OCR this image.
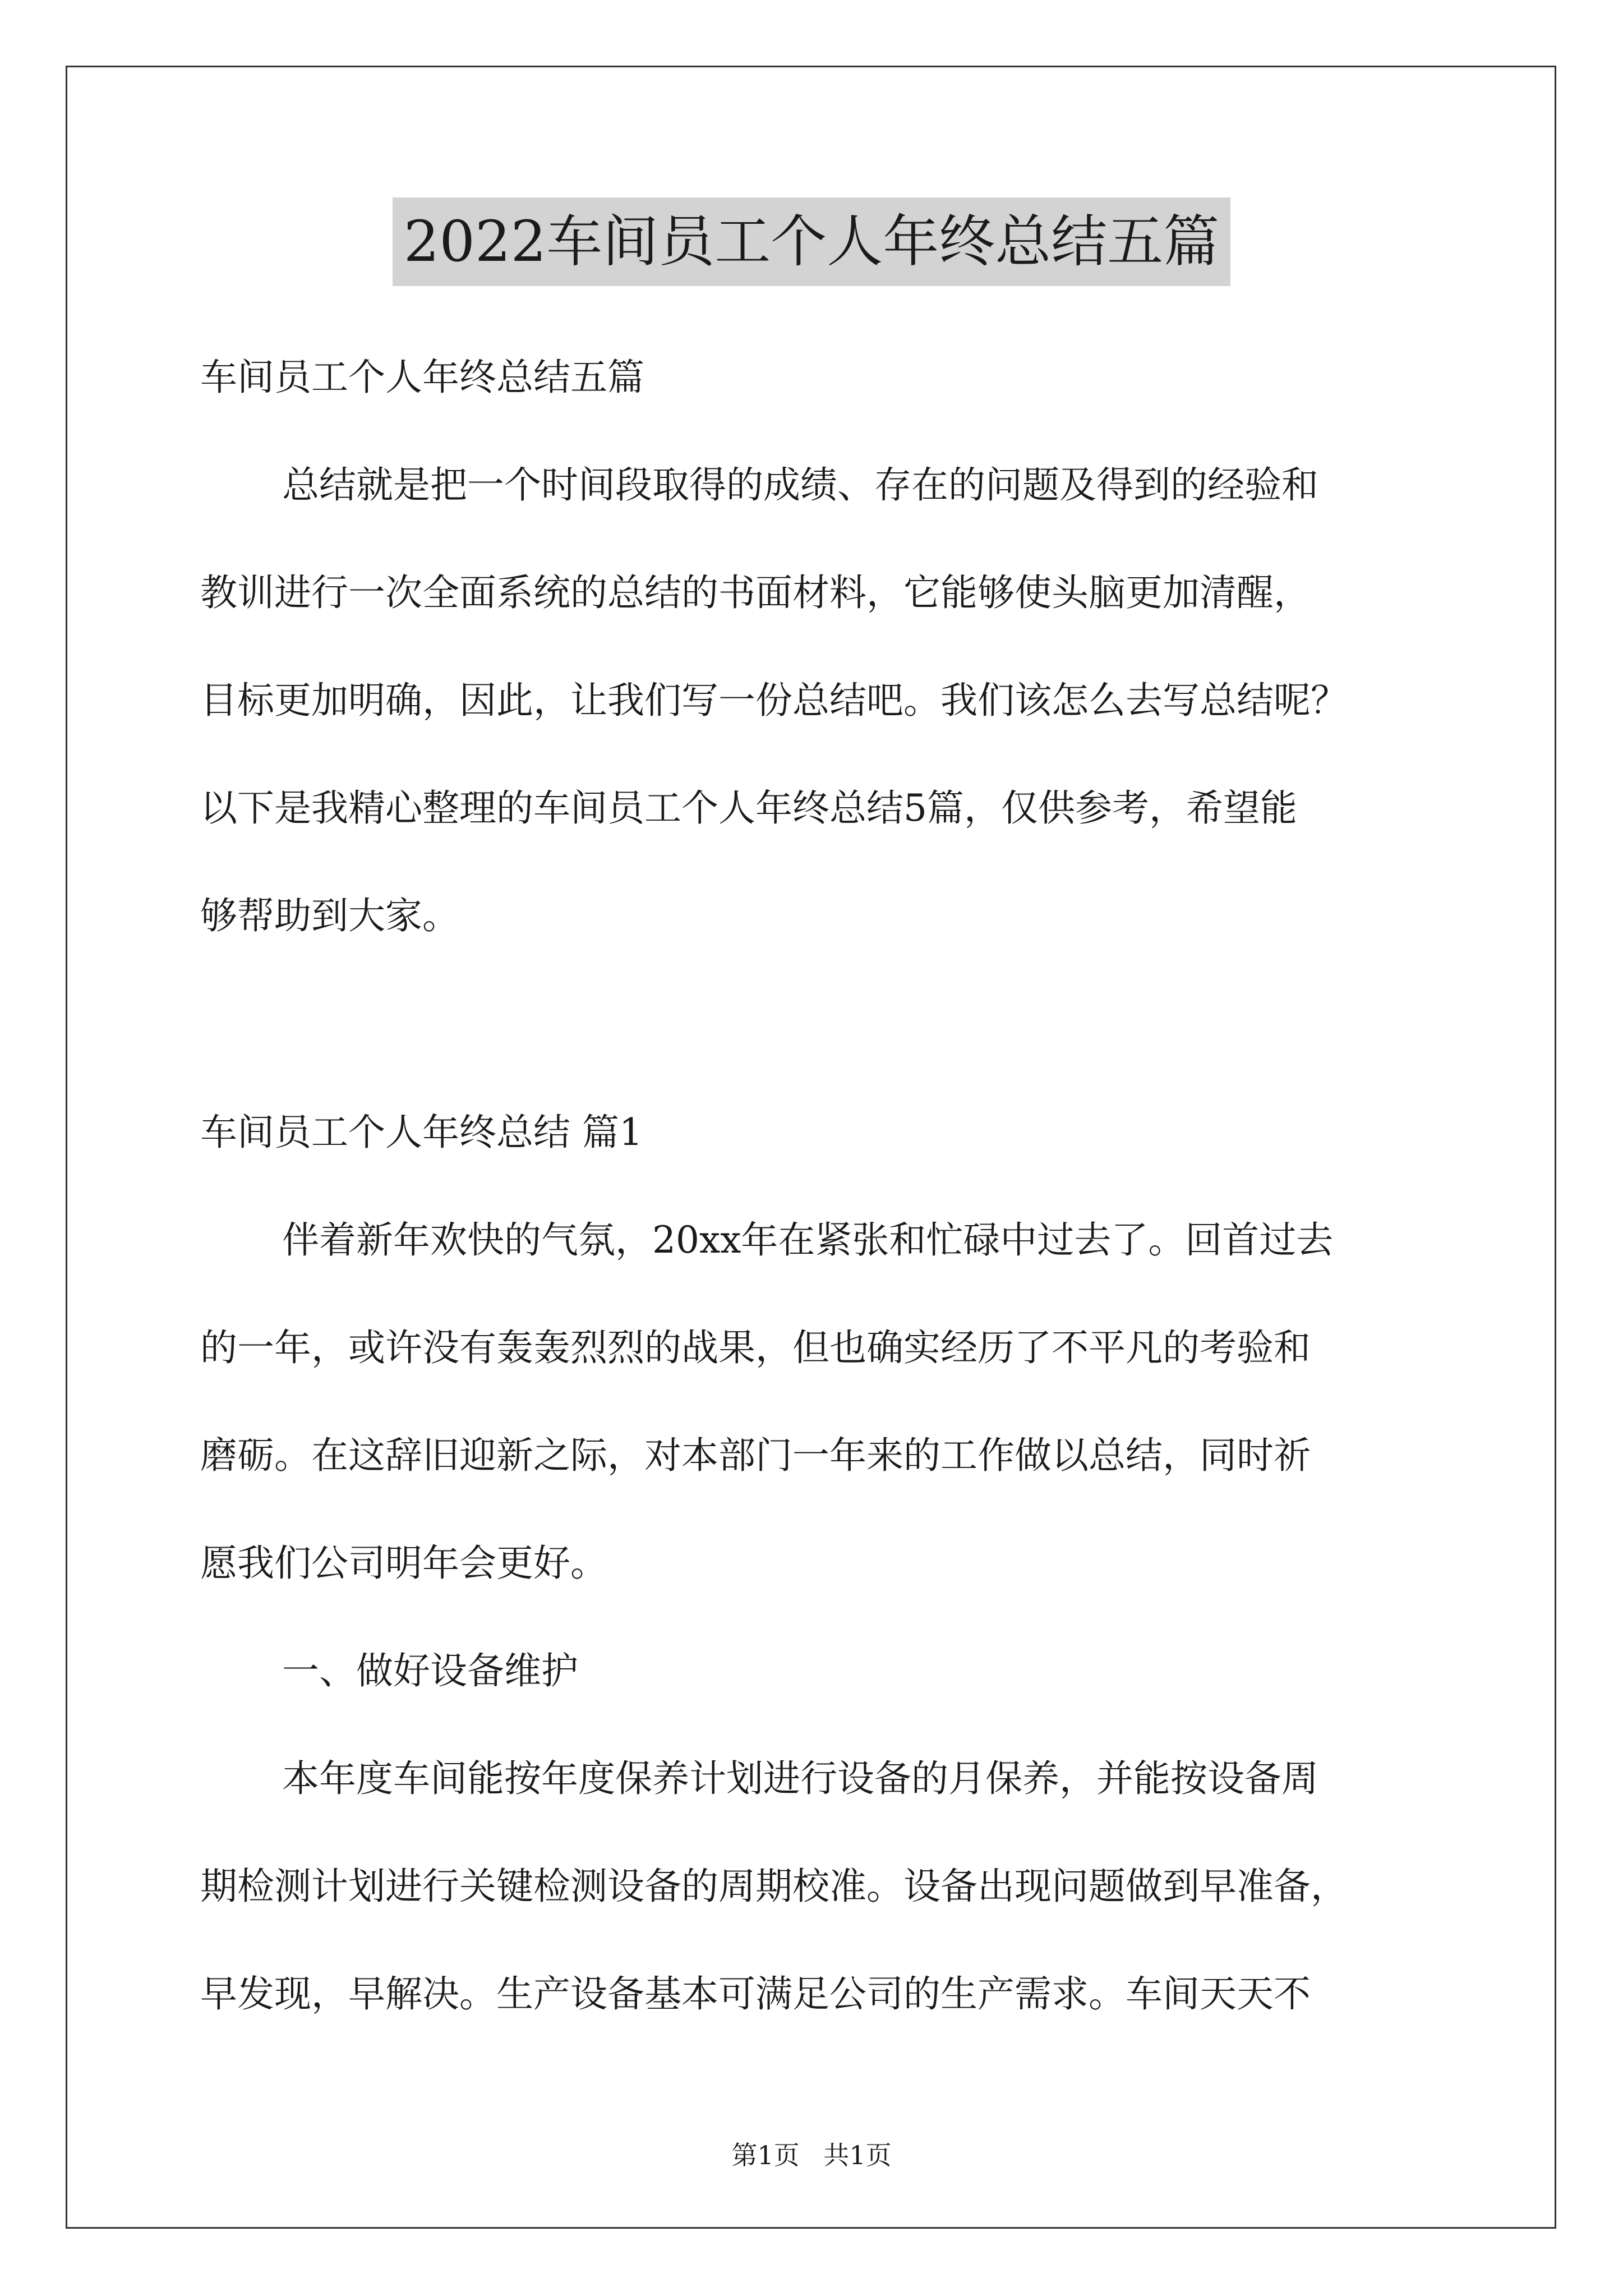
2022车间员工个人年终总结五篇
车间员工个人年终总结五篇
总结就是把一个时间段取得的成绩、存在的问题及得到的经验和
教训进行一次全面系统的总结的书面材料，它能够使头脑更加清醒，
目标更加明确，因此，让我们写一份总结吧。我们该怎么去写总结呢？
以下是我精心整理的车间员工个人年终总结5篇，仅供参考，希望能
够帮助到大家。
车间员工个人年终总结 篇1
伴着新年欢快的气氛，20xx年在紧张和忙碌中过去了。回首过去
的一年，或许没有轰轰烈烈的战果，但也确实经历了不平凡的考验和
磨砺。在这辞旧迎新之际，对本部门一年来的工作做以总结，同时祈
愿我们公司明年会更好。
一、做好设备维护
本年度车间能按年度保养计划进行设备的月保养，并能按设备周
期检测计划进行关键检测设备的周期校准。设备出现问题做到早准备，
早发现，早解决。生产设备基本可满足公司的生产需求。车间天天不
第1页 共1页
